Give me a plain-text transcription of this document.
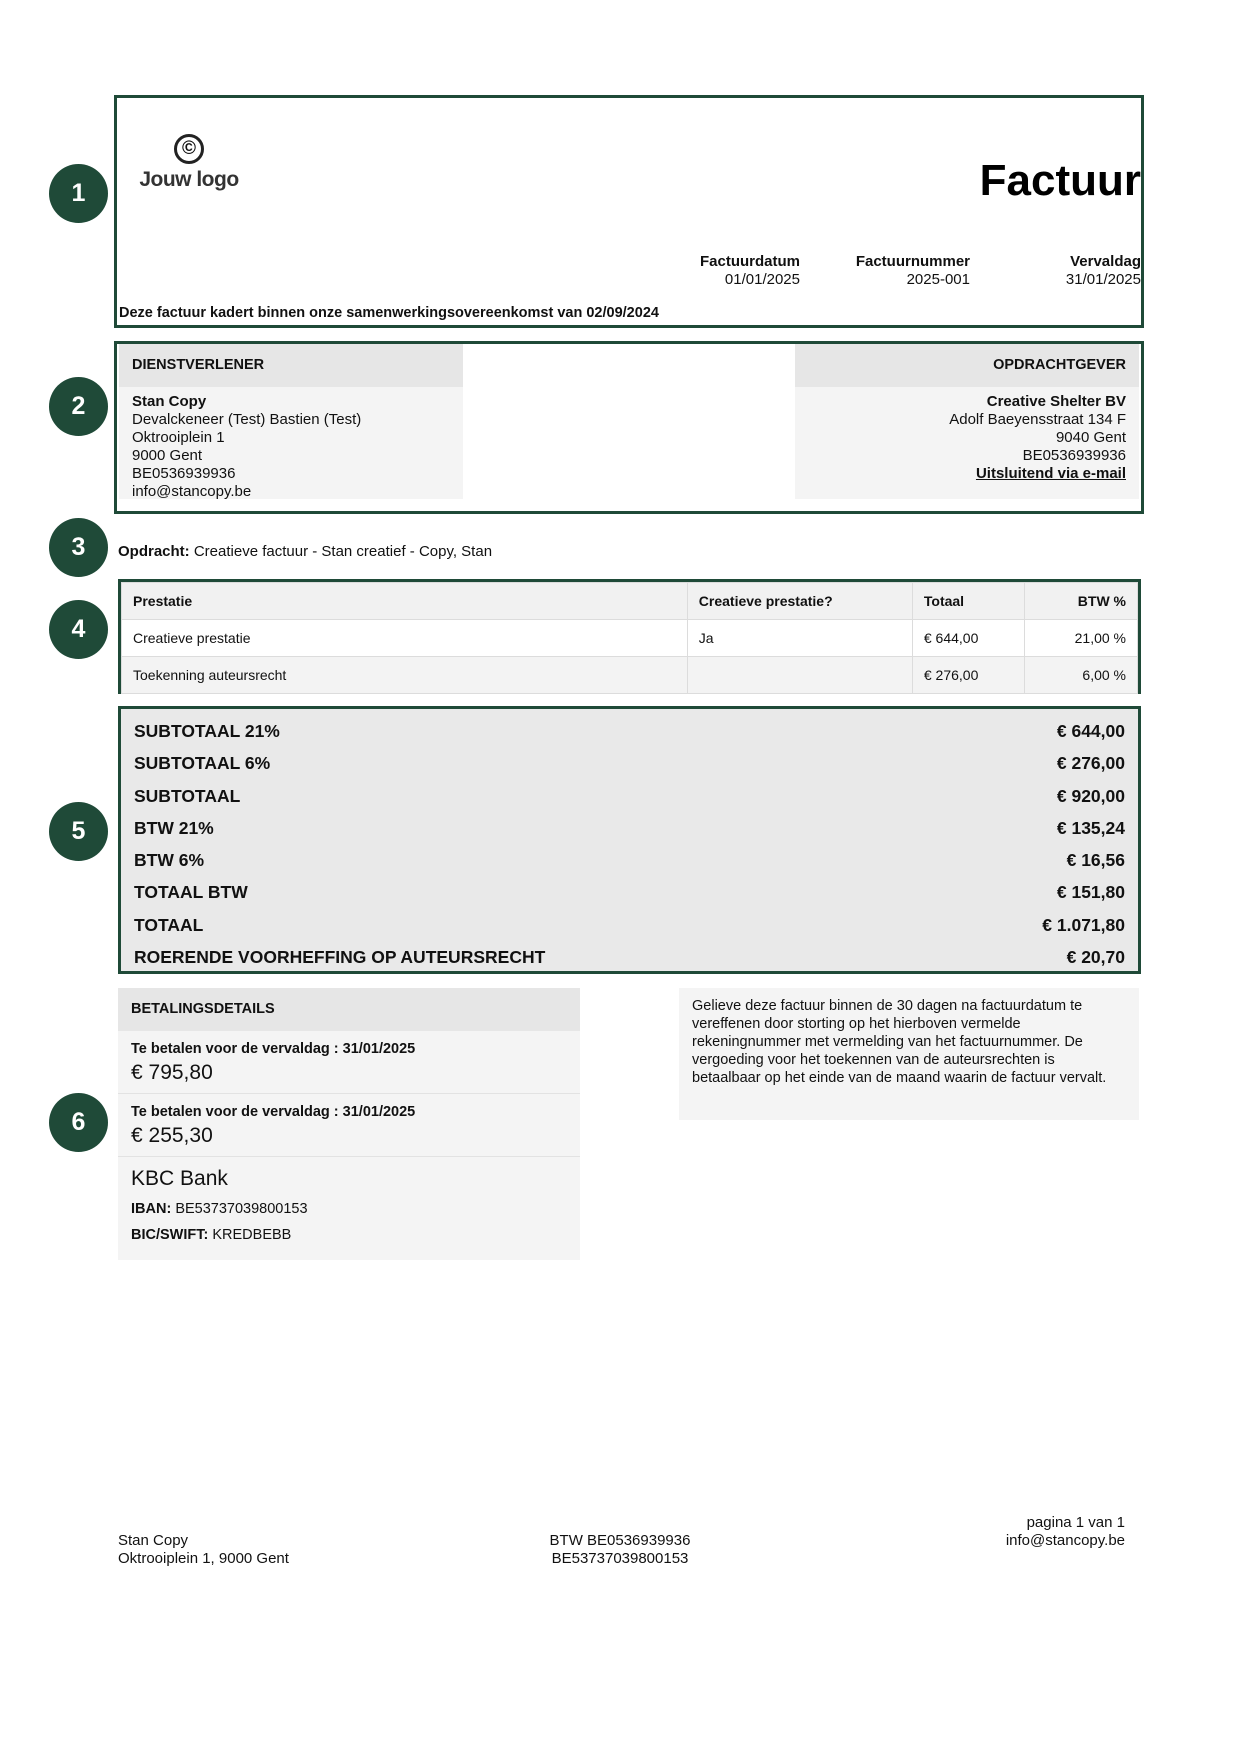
1
2
3
4
5
6
©
Jouw logo	Factuur
Factuurdatum
01/01/2025
Factuurnummer
2025-001
Vervaldag
31/01/2025
Deze factuur kadert binnen onze samenwerkingsovereenkomst van 02/09/2024
DIENSTVERLENER
Stan Copy
Devalckeneer (Test) Bastien (Test)
Oktrooiplein 1
9000 Gent
BE0536939936
info@stancopy.be
OPDRACHTGEVER
Creative Shelter BV
Adolf Baeyensstraat 134 F
9040 Gent
BE0536939936
Uitsluitend via e-mail
Opdracht: Creatieve factuur - Stan creatief - Copy, Stan
Prestatie	Creatieve prestatie?	Totaal	BTW %
Creatieve prestatie	Ja	€ 644,00	21,00 %
Toekenning auteursrecht		€ 276,00	6,00 %
SUBTOTAAL 21%	€ 644,00
SUBTOTAAL 6%	€ 276,00
SUBTOTAAL	€ 920,00
BTW 21%	€ 135,24
BTW 6%	€ 16,56
TOTAAL BTW	€ 151,80
TOTAAL	€ 1.071,80
ROERENDE VOORHEFFING OP AUTEURSRECHT	€ 20,70
BETALINGSDETAILS
Te betalen voor de vervaldag : 31/01/2025
€ 795,80
Te betalen voor de vervaldag : 31/01/2025
€ 255,30
KBC Bank
IBAN: BE53737039800153
BIC/SWIFT: KREDBEBB
Gelieve deze factuur binnen de 30 dagen na factuurdatum te vereffenen door storting op het hierboven vermelde rekeningnummer met vermelding van het factuurnummer. De vergoeding voor het toekennen van de auteursrechten is betaalbaar op het einde van de maand waarin de factuur vervalt.
Stan Copy
Oktrooiplein 1, 9000 Gent
BTW BE0536939936
BE53737039800153
pagina 1 van 1
info@stancopy.be
